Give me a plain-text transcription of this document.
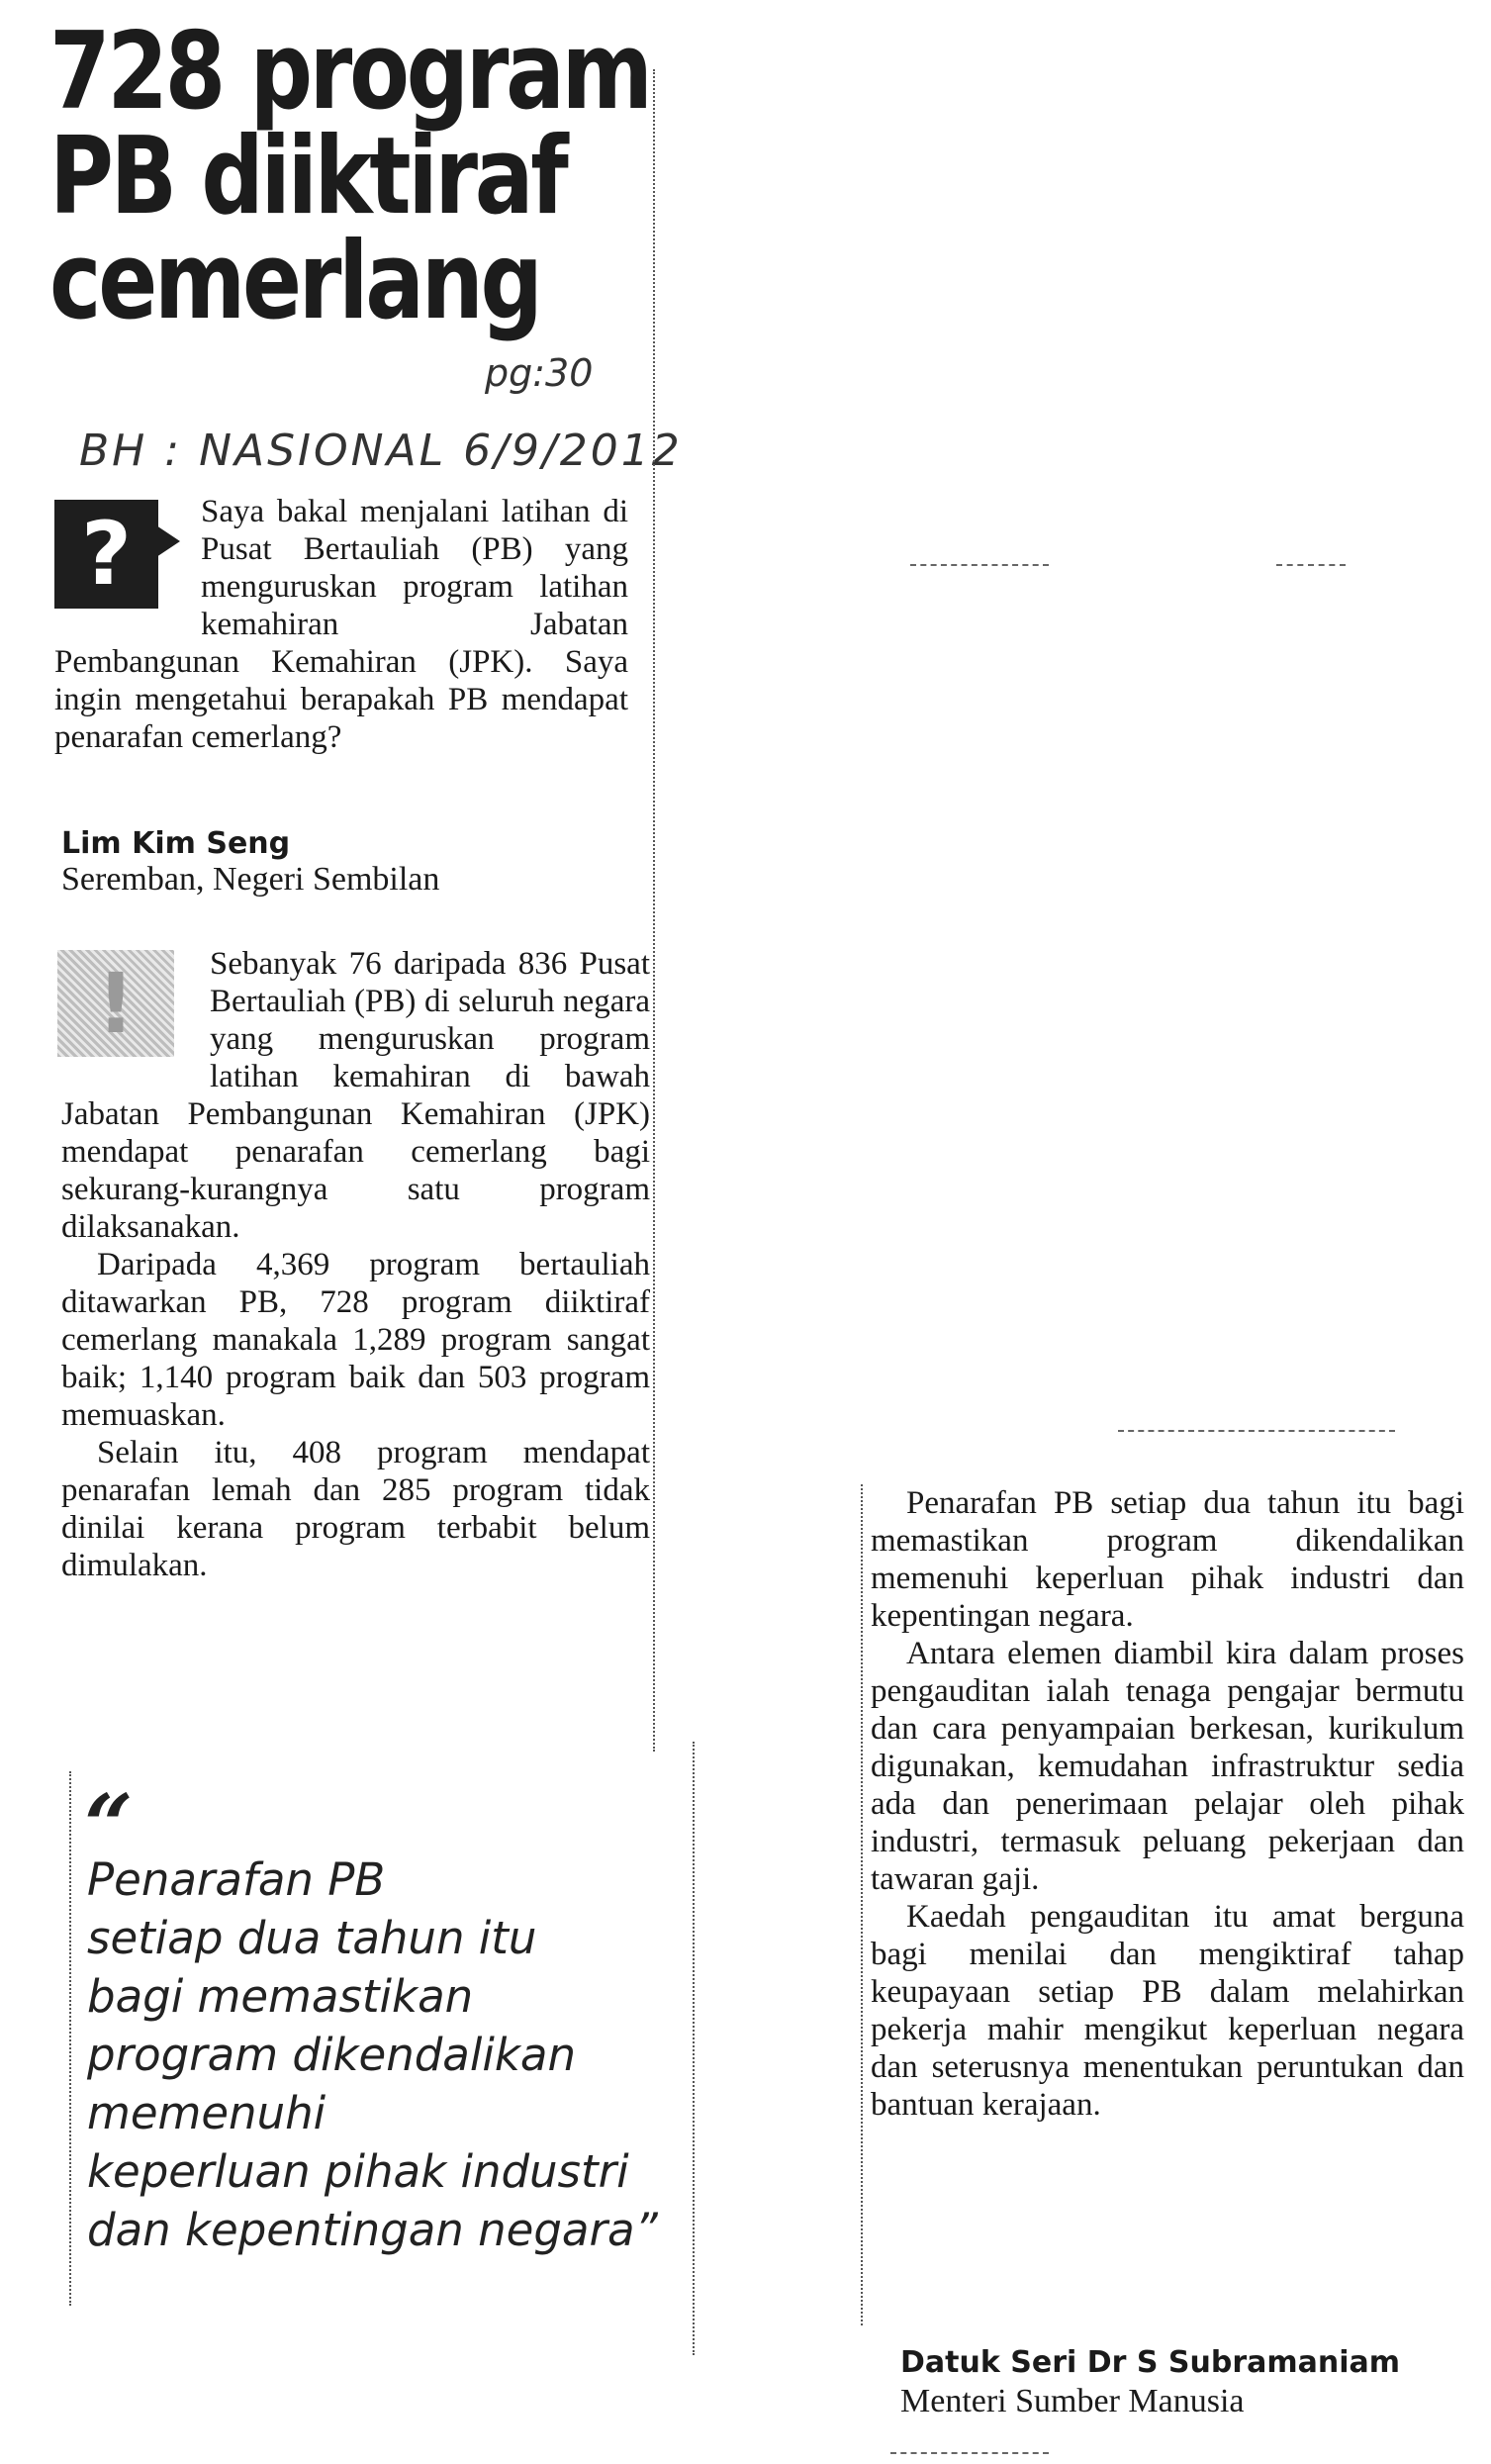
728 program
PB diiktiraf
cemerlang
pg:30
BH : NASIONAL 6/9/2012
?	Saya bakal menjalani latihan di Pusat Bertauliah (PB) yang menguruskan program latihan kemahiran Jabatan Pembangunan Kemahiran (JPK). Saya ingin mengetahui berapakah PB mendapat penarafan cemerlang?

Lim Kim Seng
Seremban, Negeri Sembilan
!	Sebanyak 76 daripada 836 Pusat Bertauliah (PB) di seluruh negara yang menguruskan program latihan kemahiran di bawah Jabatan Pembangunan Kemahiran (JPK) mendapat penarafan cemerlang bagi sekurang-kurangnya satu program dilaksanakan.

Daripada 4,369 program bertauliah ditawarkan PB, 728 program diiktiraf cemerlang manakala 1,289 program sangat baik; 1,140 program baik dan 503 program memuaskan.

Selain itu, 408 program mendapat penarafan lemah dan 285 program tidak dinilai kerana program terbabit belum dimulakan.

“
Penarafan PB
setiap dua tahun itu
bagi memastikan
program dikendalikan
memenuhi
keperluan pihak industri
dan kepentingan negara”

Penarafan PB setiap dua tahun itu bagi memastikan program dikendalikan memenuhi keperluan pihak industri dan kepentingan negara.

Antara elemen diambil kira dalam proses pengauditan ialah tenaga pengajar bermutu dan cara penyampaian berkesan, kurikulum digunakan, kemudahan infrastruktur sedia ada dan penerimaan pelajar oleh pihak industri, termasuk peluang pekerjaan dan tawaran gaji.

Kaedah pengauditan itu amat berguna bagi menilai dan mengiktiraf tahap keupayaan setiap PB dalam melahirkan pekerja mahir mengikut keperluan negara dan seterusnya menentukan peruntukan dan bantuan kerajaan.

Datuk Seri Dr S Subramaniam
Menteri Sumber Manusia
